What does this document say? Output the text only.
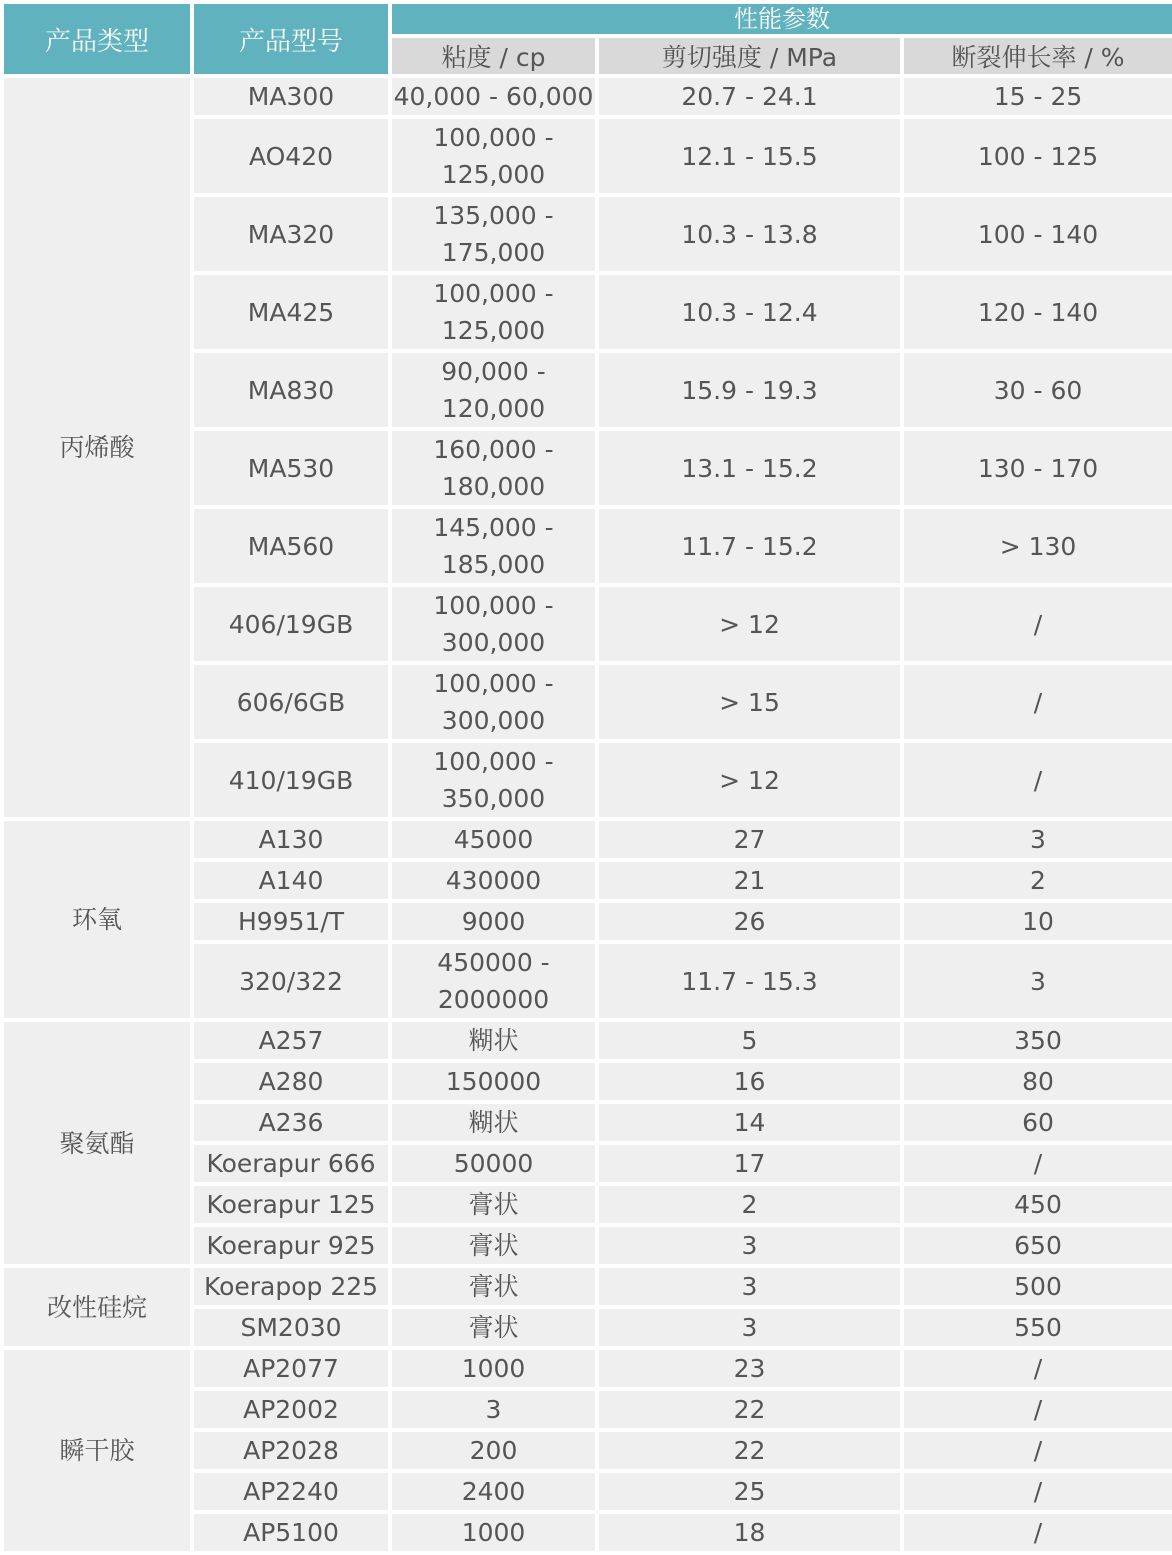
产品类型	产品型号	性能参数		
		粘度 / cp	剪切强度 / MPa	断裂伸长率 / %
丙烯酸	MA300	40,000 - 60,000	20.7 - 24.1	15 - 25
	AO420	100,000 - 125,000	12.1 - 15.5	100 - 125
	MA320	135,000 - 175,000	10.3 - 13.8	100 - 140
	MA425	100,000 - 125,000	10.3 - 12.4	120 - 140
	MA830	90,000 - 120,000	15.9 - 19.3	30 - 60
	MA530	160,000 - 180,000	13.1 - 15.2	130 - 170
	MA560	145,000 - 185,000	11.7 - 15.2	> 130
	406/19GB	100,000 - 300,000	> 12	/
	606/6GB	100,000 - 300,000	> 15	/
	410/19GB	100,000 - 350,000	> 12	/
环氧	A130	45000	27	3
	A140	430000	21	2
	H9951/T	9000	26	10
	320/322	450000 - 2000000	11.7 - 15.3	3
聚氨酯	A257	糊状	5	350
	A280	150000	16	80
	A236	糊状	14	60
	Koerapur 666	50000	17	/
	Koerapur 125	膏状	2	450
	Koerapur 925	膏状	3	650
改性硅烷	Koerapop 225	膏状	3	500
	SM2030	膏状	3	550
瞬干胶	AP2077	1000	23	/
	AP2002	3	22	/
	AP2028	200	22	/
	AP2240	2400	25	/
	AP5100	1000	18	/
